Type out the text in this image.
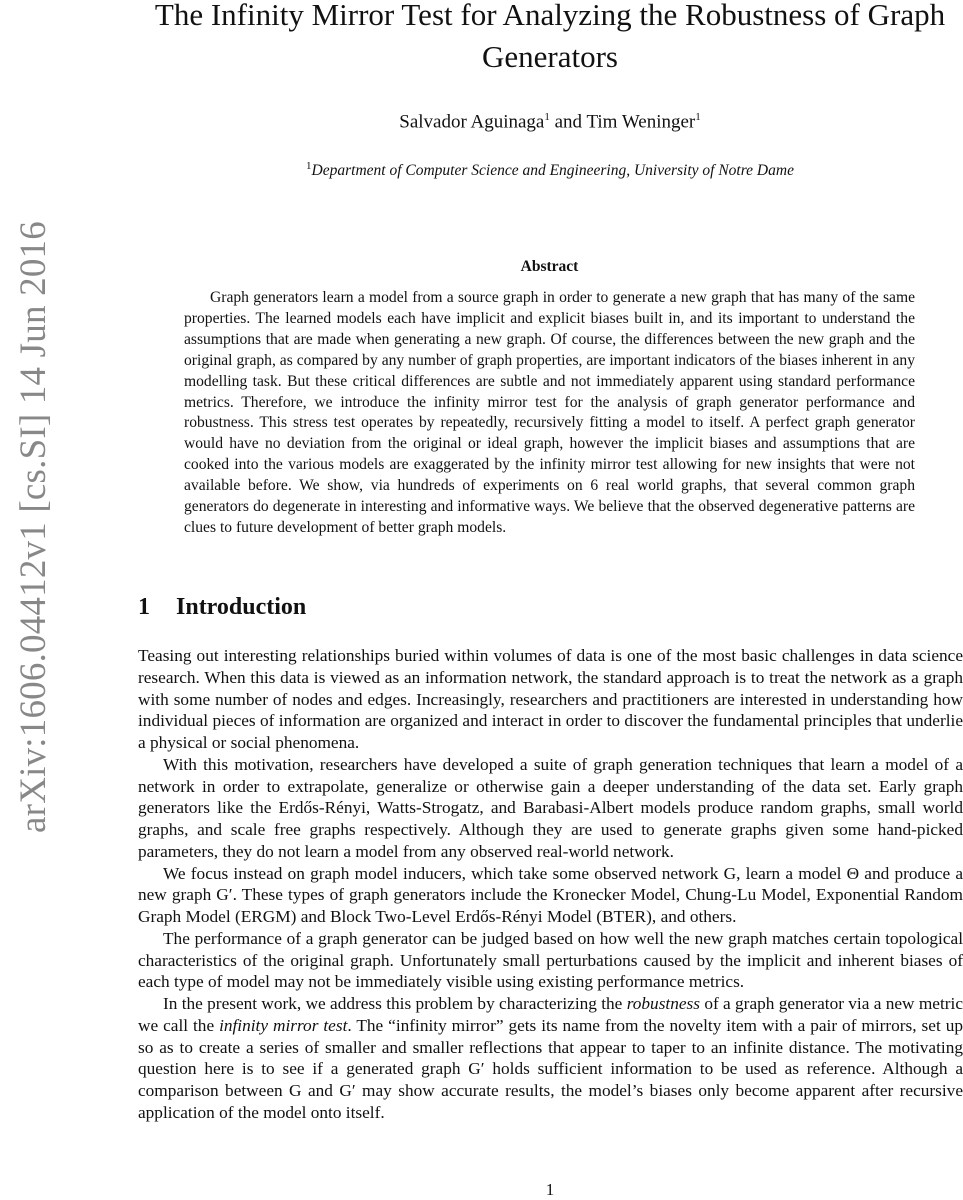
arXiv:1606.04412v1 [cs.SI] 14 Jun 2016
The Infinity Mirror Test for Analyzing the Robustness of Graph Generators
Salvador Aguinaga$^1$ and Tim Weninger$^1$
$^1$Department of Computer Science and Engineering, University of Notre Dame
Abstract

Graph generators learn a model from a source graph in order to generate a new graph that has many of the same properties. The learned models each have implicit and explicit biases built in, and its important to understand the assumptions that are made when generating a new graph. Of course, the differences between the new graph and the original graph, as compared by any number of graph properties, are important indicators of the biases inherent in any modelling task. But these critical differences are subtle and not immediately apparent using standard performance metrics. Therefore, we introduce the infinity mirror test for the analysis of graph generator performance and robustness. This stress test operates by repeatedly, recursively fitting a model to itself. A perfect graph generator would have no deviation from the original or ideal graph, however the implicit biases and assumptions that are cooked into the various models are exaggerated by the infinity mirror test allowing for new insights that were not available before. We show, via hundreds of experiments on 6 real world graphs, that several common graph generators do degenerate in interesting and informative ways. We believe that the observed degenerative patterns are clues to future development of better graph models.

1 Introduction

Teasing out interesting relationships buried within volumes of data is one of the most basic challenges in data science research. When this data is viewed as an information network, the standard approach is to treat the network as a graph with some number of nodes and edges. Increasingly, researchers and practitioners are interested in understanding how individual pieces of information are organized and interact in order to discover the fundamental principles that underlie a physical or social phenomena.

With this motivation, researchers have developed a suite of graph generation techniques that learn a model of a network in order to extrapolate, generalize or otherwise gain a deeper understanding of the data set. Early graph generators like the Erdős-Rényi, Watts-Strogatz, and Barabasi-Albert models produce random graphs, small world graphs, and scale free graphs respectively. Although they are used to generate graphs given some hand-picked parameters, they do not learn a model from any observed real-world network.

We focus instead on graph model inducers, which take some observed network G, learn a model Θ and produce a new graph G′. These types of graph generators include the Kronecker Model, Chung-Lu Model, Exponential Random Graph Model (ERGM) and Block Two-Level Erdős-Rényi Model (BTER), and others.

The performance of a graph generator can be judged based on how well the new graph matches certain topological characteristics of the original graph. Unfortunately small perturbations caused by the implicit and inherent biases of each type of model may not be immediately visible using existing performance metrics.

In the present work, we address this problem by characterizing the robustness of a graph generator via a new metric we call the infinity mirror test. The “infinity mirror” gets its name from the novelty item with a pair of mirrors, set up so as to create a series of smaller and smaller reflections that appear to taper to an infinite distance. The motivating question here is to see if a generated graph G′ holds sufficient information to be used as reference. Although a comparison between G and G′ may show accurate results, the model’s biases only become apparent after recursive application of the model onto itself.

1
